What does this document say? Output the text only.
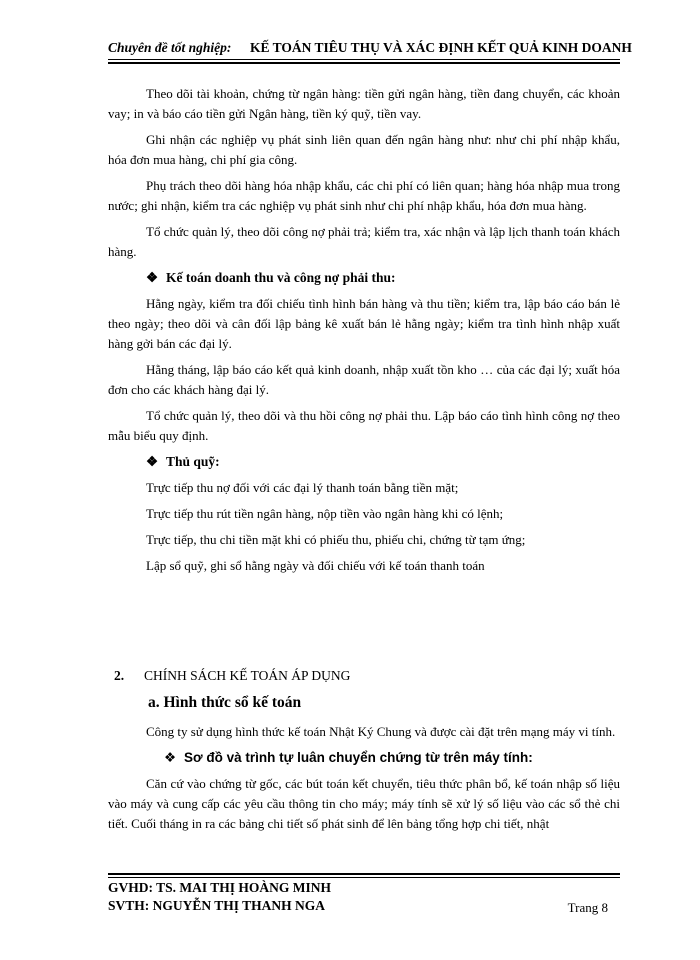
Chuyên đề tốt nghiệp: KẾ TOÁN TIÊU THỤ VÀ XÁC ĐỊNH KẾT QUẢ KINH DOANH

Theo dõi tài khoản, chứng từ ngân hàng: tiền gửi ngân hàng, tiền đang chuyển, các khoản vay; in và báo cáo tiền gửi Ngân hàng, tiền ký quỹ, tiền vay.

Ghi nhận các nghiệp vụ phát sinh liên quan đến ngân hàng như: như chi phí nhập khẩu, hóa đơn mua hàng, chi phí gia công.

Phụ trách theo dõi hàng hóa nhập khẩu, các chi phí có liên quan; hàng hóa nhập mua trong nước; ghi nhận, kiểm tra các nghiệp vụ phát sinh như chi phí nhập khẩu, hóa đơn mua hàng.

Tổ chức quản lý, theo dõi công nợ phải trả; kiểm tra, xác nhận và lập lịch thanh toán khách hàng.

❖ Kế toán doanh thu và công nợ phải thu:

Hằng ngày, kiểm tra đối chiếu tình hình bán hàng và thu tiền; kiểm tra, lập báo cáo bán lẻ theo ngày; theo dõi và cân đối lập bảng kê xuất bán lẻ hằng ngày; kiểm tra tình hình nhập xuất hàng gởi bán các đại lý.

Hằng tháng, lập báo cáo kết quả kinh doanh, nhập xuất tồn kho … của các đại lý; xuất hóa đơn cho các khách hàng đại lý.

Tổ chức quản lý, theo dõi và thu hồi công nợ phải thu. Lập báo cáo tình hình công nợ theo mẫu biểu quy định.

❖ Thủ quỹ:
Trực tiếp thu nợ đối với các đại lý thanh toán bằng tiền mặt;
Trực tiếp thu rút tiền ngân hàng, nộp tiền vào ngân hàng khi có lệnh;
Trực tiếp, thu chi tiền mặt khi có phiếu thu, phiếu chi, chứng từ tạm ứng;
Lập sổ quỹ, ghi sổ hằng ngày và đối chiếu với kế toán thanh toán
2. CHÍNH SÁCH KẾ TOÁN ÁP DỤNG
a. Hình thức sổ kế toán

Công ty sử dụng hình thức kế toán Nhật Ký Chung và được cài đặt trên mạng máy vi tính.

❖ Sơ đồ và trình tự luân chuyển chứng từ trên máy tính:

Căn cứ vào chứng từ gốc, các bút toán kết chuyển, tiêu thức phân bổ, kế toán nhập số liệu vào máy và cung cấp các yêu cầu thông tin cho máy; máy tính sẽ xử lý số liệu vào các sổ thẻ chi tiết. Cuối tháng in ra các bảng chi tiết số phát sinh để lên bảng tổng hợp chi tiết, nhật

GVHD: TS. MAI THỊ HOÀNG MINH
SVTH: NGUYỄN THỊ THANH NGA	Trang 8
